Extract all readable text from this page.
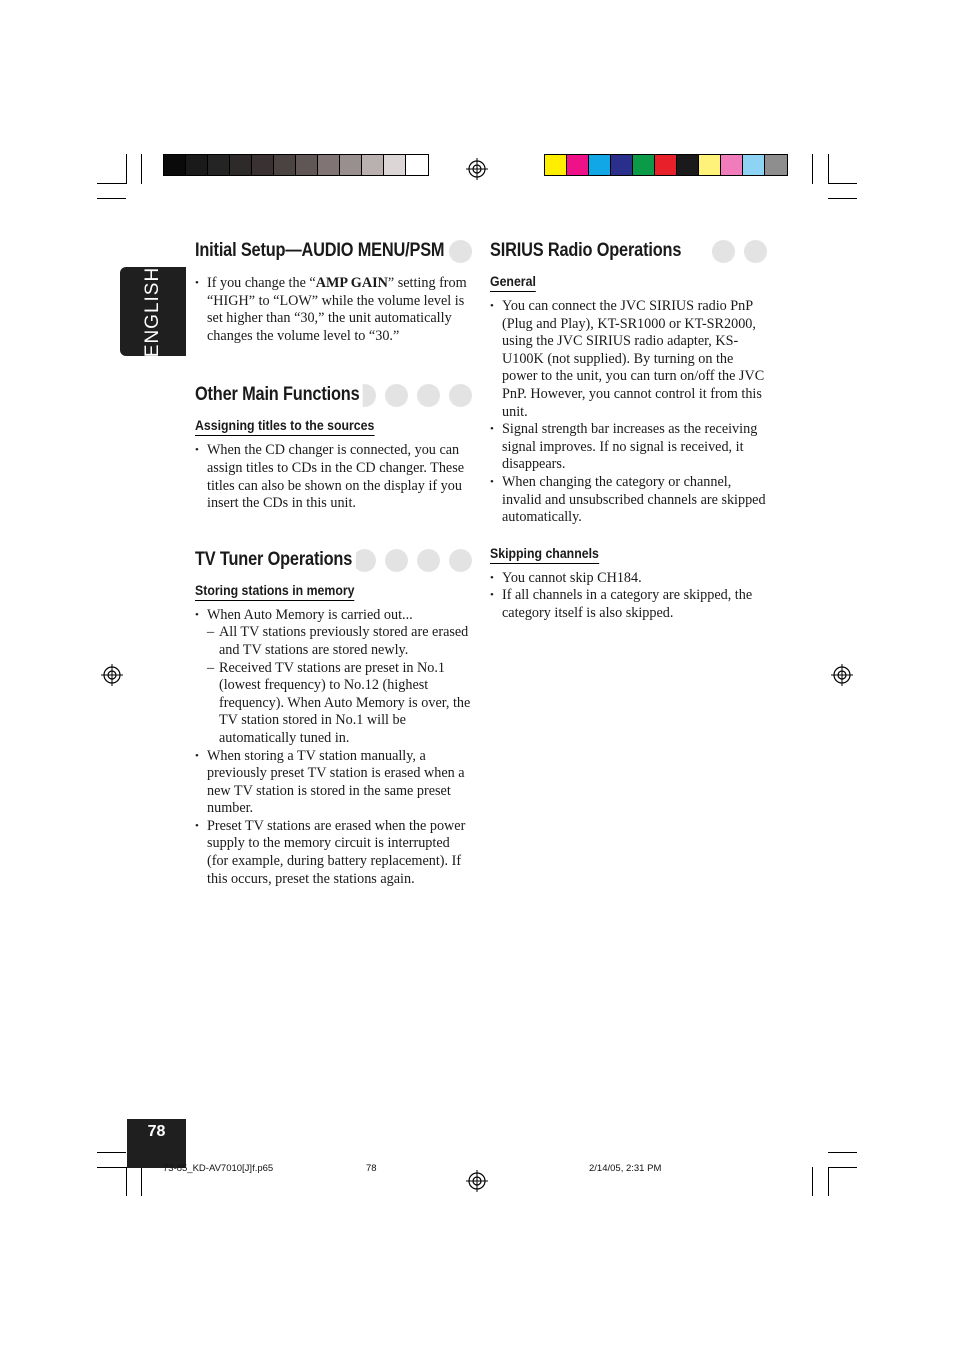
ENGLISH
Initial Setup—AUDIO MENU/PSM
• If you change the “AMP GAIN” setting from “HIGH” to “LOW” while the volume level is set higher than “30,” the unit automatically changes the volume level to “30.”
Other Main Functions
Assigning titles to the sources
• When the CD changer is connected, you can assign titles to CDs in the CD changer. These titles can also be shown on the display if you insert the CDs in this unit.
TV Tuner Operations
Storing stations in memory
• When Auto Memory is carried out...
– All TV stations previously stored are erased and TV stations are stored newly.
– Received TV stations are preset in No.1 (lowest frequency) to No.12 (highest frequency). When Auto Memory is over, the TV station stored in No.1 will be automatically tuned in.
• When storing a TV station manually, a previously preset TV station is erased when a new TV station is stored in the same preset number.
• Preset TV stations are erased when the power supply to the memory circuit is interrupted (for example, during battery replacement). If this occurs, preset the stations again.
SIRIUS Radio Operations
General
• You can connect the JVC SIRIUS radio PnP (Plug and Play), KT-SR1000 or KT-SR2000, using the JVC SIRIUS radio adapter, KS-U100K (not supplied). By turning on the power to the unit, you can turn on/off the JVC PnP. However, you cannot control it from this unit.
• Signal strength bar increases as the receiving signal improves. If no signal is received, it disappears.
• When changing the category or channel, invalid and unsubscribed channels are skipped automatically.
Skipping channels
• You cannot skip CH184.
• If all channels in a category are skipped, the category itself is also skipped.
78
73-85_KD-AV7010[J]f.p65	78	2/14/05, 2:31 PM
